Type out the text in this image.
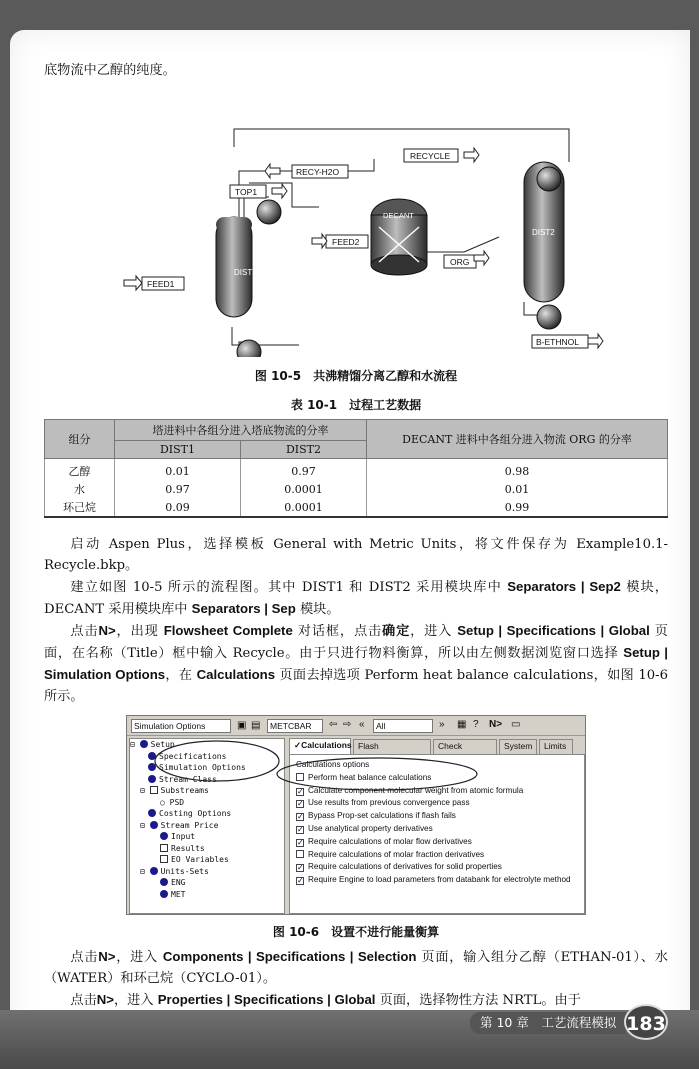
底物流中乙醇的纯度。
DIST1
DIST2
DECANT
RECYCLE
RECY-H2O
TOP1
FEED2
ORG
FEED1
B-ETHNOL
图 10-5　共沸精馏分离乙醇和水流程
表 10-1　过程工艺数据
组分	塔进料中各组分进入塔底物流的分率		DECANT 进料中各组分进入物流 ORG 的分率
	DIST1	DIST2	
乙醇	0.01	0.97	0.98
水	0.97	0.0001	0.01
环己烷	0.09	0.0001	0.99
启动 Aspen Plus，选择模板 General with Metric Units，将文件保存为 Example10.1-Recycle.bkp。
建立如图 10-5 所示的流程图。其中 DIST1 和 DIST2 采用模块库中 Separators | Sep2 模块，DECANT 采用模块库中 Separators | Sep 模块。
点击N>，出现 Flowsheet Complete 对话框，点击确定，进入 Setup | Specifications | Global 页面，在名称（Title）框中输入 Recycle。由于只进行物料衡算，所以由左侧数据浏览窗口选择 Setup | Simulation Options，在 Calculations 页面去掉选项 Perform heat balance calculations，如图 10-6 所示。
Simulation Options	▣ ▤	METCBAR	⇦ ⇨ «	All	» ▦ ? N> ▭
⊟ Setup
Specifications
Simulation Options
Stream Class
⊟ Substreams
○ PSD
Costing Options
⊟ Stream Price
Input
Results
EO Variables
⊟ Units-Sets
ENG
MET
✓Calculations Flash	Check	System	Limits
Calculations options
Perform heat balance calculations
✓ Calculate component molecular weight from atomic formula
✓ Use results from previous convergence pass
✓ Bypass Prop-set calculations if flash fails
✓ Use analytical property derivatives
✓ Require calculations of molar flow derivatives
Require calculations of molar fraction derivatives
✓ Require calculations of derivatives for solid properties
✓ Require Engine to load parameters from databank for electrolyte method
图 10-6　设置不进行能量衡算
点击N>，进入 Components | Specifications | Selection 页面，输入组分乙醇（ETHAN-01）、水（WATER）和环己烷（CYCLO-01）。
点击N>，进入 Properties | Specifications | Global 页面，选择物性方法 NRTL。由于
第 10 章　工艺流程模拟 183
